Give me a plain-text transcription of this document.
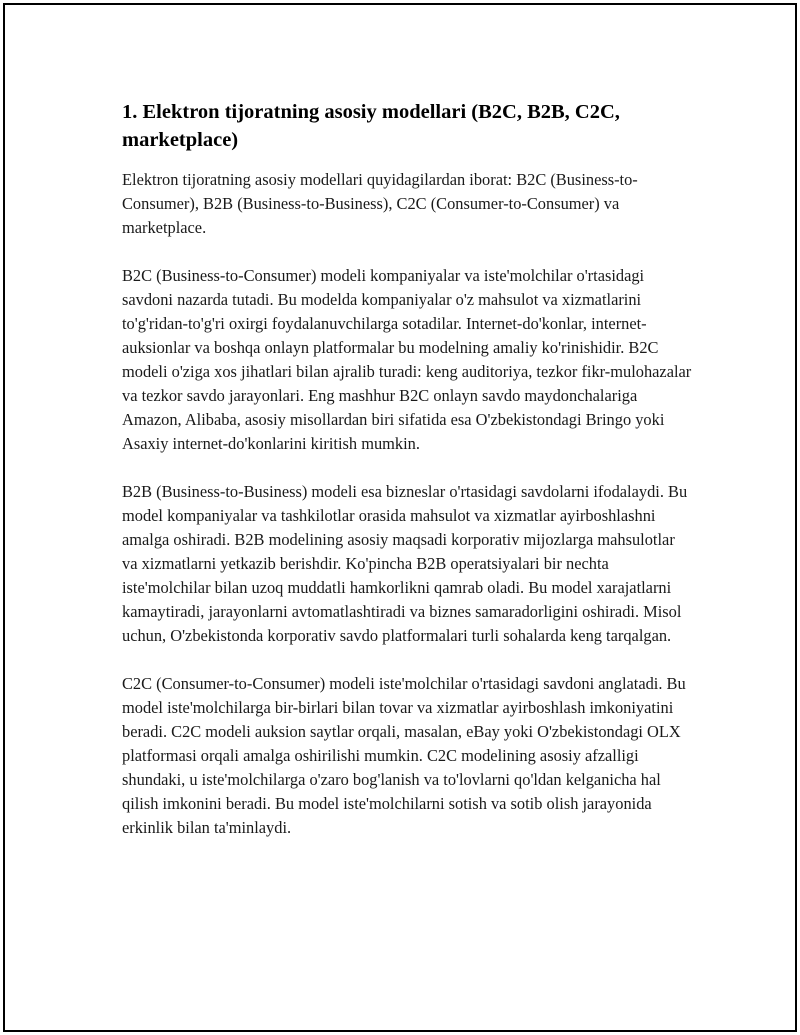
1. Elektron tijoratning asosiy modellari (B2C, B2B, C2C, marketplace)

Elektron tijoratning asosiy modellari quyidagilardan iborat: B2C (Business-to-Consumer), B2B (Business-to-Business), C2C (Consumer-to-Consumer) va marketplace.

B2C (Business-to-Consumer) modeli kompaniyalar va iste'molchilar o'rtasidagi savdoni nazarda tutadi. Bu modelda kompaniyalar o'z mahsulot va xizmatlarini to'g'ridan-to'g'ri oxirgi foydalanuvchilarga sotadilar. Internet-do'konlar, internet-auksionlar va boshqa onlayn platformalar bu modelning amaliy ko'rinishidir. B2C modeli o'ziga xos jihatlari bilan ajralib turadi: keng auditoriya, tezkor fikr-mulohazalar va tezkor savdo jarayonlari. Eng mashhur B2C onlayn savdo maydonchalariga Amazon, Alibaba, asosiy misollardan biri sifatida esa O'zbekistondagi Bringo yoki Asaxiy internet-do'konlarini kiritish mumkin.

B2B (Business-to-Business) modeli esa bizneslar o'rtasidagi savdolarni ifodalaydi. Bu model kompaniyalar va tashkilotlar orasida mahsulot va xizmatlar ayirboshlashni amalga oshiradi. B2B modelining asosiy maqsadi korporativ mijozlarga mahsulotlar va xizmatlarni yetkazib berishdir. Ko'pincha B2B operatsiyalari bir nechta iste'molchilar bilan uzoq muddatli hamkorlikni qamrab oladi. Bu model xarajatlarni kamaytiradi, jarayonlarni avtomatlashtiradi va biznes samaradorligini oshiradi. Misol uchun, O'zbekistonda korporativ savdo platformalari turli sohalarda keng tarqalgan.

C2C (Consumer-to-Consumer) modeli iste'molchilar o'rtasidagi savdoni anglatadi. Bu model iste'molchilarga bir-birlari bilan tovar va xizmatlar ayirboshlash imkoniyatini beradi. C2C modeli auksion saytlar orqali, masalan, eBay yoki O'zbekistondagi OLX platformasi orqali amalga oshirilishi mumkin. C2C modelining asosiy afzalligi shundaki, u iste'molchilarga o'zaro bog'lanish va to'lovlarni qo'ldan kelganicha hal qilish imkonini beradi. Bu model iste'molchilarni sotish va sotib olish jarayonida erkinlik bilan ta'minlaydi.
